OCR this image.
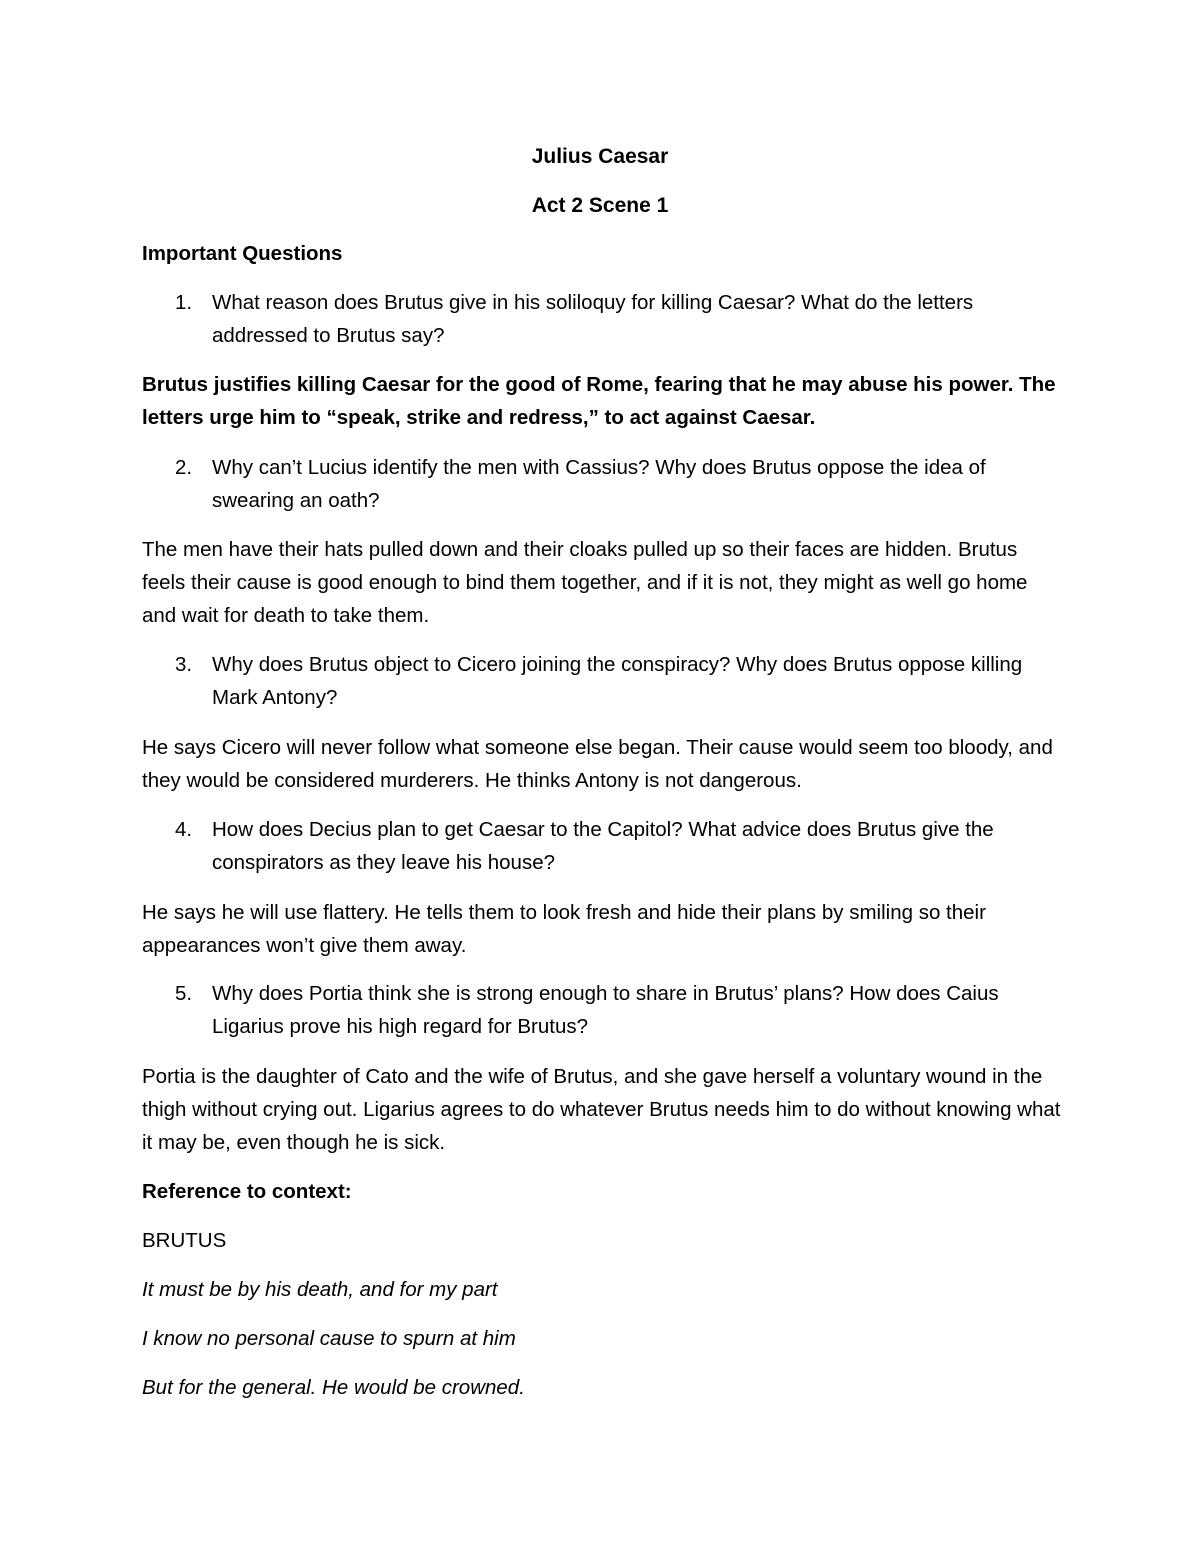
Julius Caesar
Act 2 Scene 1
Important Questions
1. What reason does Brutus give in his soliloquy for killing Caesar? What do the letters addressed to Brutus say?
Brutus justifies killing Caesar for the good of Rome, fearing that he may abuse his power. The letters urge him to “speak, strike and redress,” to act against Caesar.
2. Why can’t Lucius identify the men with Cassius? Why does Brutus oppose the idea of swearing an oath?
The men have their hats pulled down and their cloaks pulled up so their faces are hidden. Brutus feels their cause is good enough to bind them together, and if it is not, they might as well go home and wait for death to take them.
3. Why does Brutus object to Cicero joining the conspiracy? Why does Brutus oppose killing Mark Antony?
He says Cicero will never follow what someone else began. Their cause would seem too bloody, and they would be considered murderers. He thinks Antony is not dangerous.
4. How does Decius plan to get Caesar to the Capitol? What advice does Brutus give the conspirators as they leave his house?
He says he will use flattery. He tells them to look fresh and hide their plans by smiling so their appearances won’t give them away.
5. Why does Portia think she is strong enough to share in Brutus’ plans? How does Caius Ligarius prove his high regard for Brutus?
Portia is the daughter of Cato and the wife of Brutus, and she gave herself a voluntary wound in the thigh without crying out. Ligarius agrees to do whatever Brutus needs him to do without knowing what it may be, even though he is sick.
Reference to context:
BRUTUS
It must be by his death, and for my part
I know no personal cause to spurn at him
But for the general. He would be crowned.
